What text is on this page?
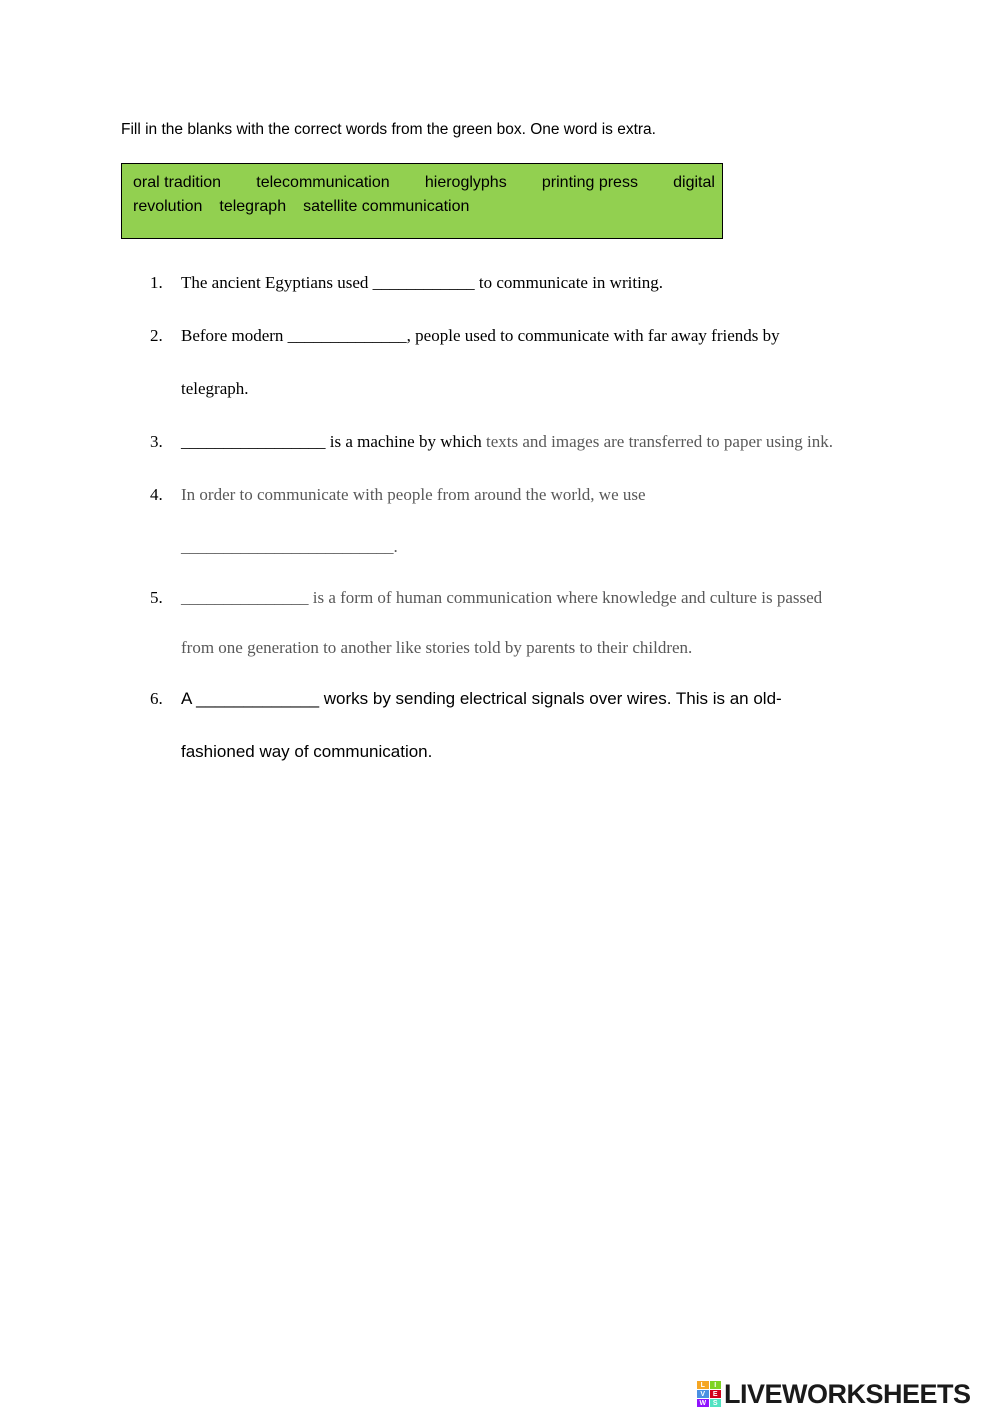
Fill in the blanks with the correct words from the green box. One word is extra.
oral tradition telecommunication hieroglyphs printing press digital
revolution telegraph satellite communication
1. The ancient Egyptians used ____________ to communicate in writing.
2. Before modern ______________, people used to communicate with far away friends by
telegraph.
3. _________________ is a machine by which texts and images are transferred to paper using ink.
4. In order to communicate with people from around the world, we use
_________________________.
5. _______________ is a form of human communication where knowledge and culture is passed
from one generation to another like stories told by parents to their children.
6. A _____________ works by sending electrical signals over wires. This is an old-
fashioned way of communication.
L	I
V	E
W S LIVEWORKSHEETS
